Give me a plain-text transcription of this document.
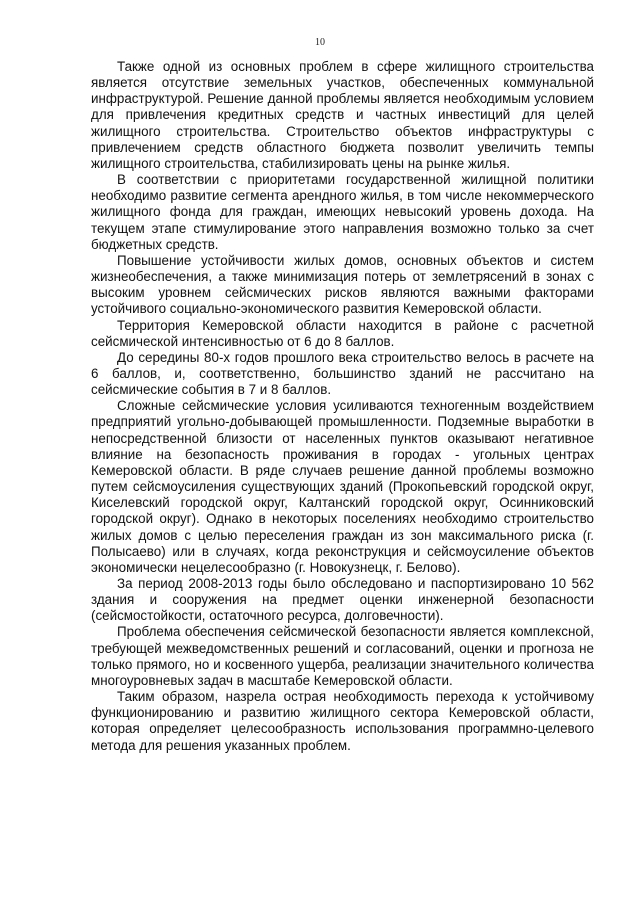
10

Также одной из основных проблем в сфере жилищного строительства является отсутствие земельных участков, обеспеченных коммунальной инфраструктурой. Решение данной проблемы является необходимым условием для привлечения кредитных средств и частных инвестиций для целей жилищного строительства. Строительство объектов инфраструктуры с привлечением средств областного бюджета позволит увеличить темпы жилищного строительства, стабилизировать цены на рынке жилья.

В соответствии с приоритетами государственной жилищной политики необходимо развитие сегмента арендного жилья, в том числе некоммерческого жилищного фонда для граждан, имеющих невысокий уровень дохода. На текущем этапе стимулирование этого направления возможно только за счет бюджетных средств.

Повышение устойчивости жилых домов, основных объектов и систем жизнеобеспечения, а также минимизация потерь от землетрясений в зонах с высоким уровнем сейсмических рисков являются важными факторами устойчивого социально-экономического развития Кемеровской области.

Территория Кемеровской области находится в районе с расчетной сейсмической интенсивностью от 6 до 8 баллов.

До середины 80-х годов прошлого века строительство велось в расчете на 6 баллов, и, соответственно, большинство зданий не рассчитано на сейсмические события в 7 и 8 баллов.

Сложные сейсмические условия усиливаются техногенным воздействием предприятий угольно-добывающей промышленности. Подземные выработки в непосредственной близости от населенных пунктов оказывают негативное влияние на безопасность проживания в городах - угольных центрах Кемеровской области. В ряде случаев решение данной проблемы возможно путем сейсмоусиления существующих зданий (Прокопьевский городской округ, Киселевский городской округ, Калтанский городской округ, Осинниковский городской округ). Однако в некоторых поселениях необходимо строительство жилых домов с целью переселения граждан из зон максимального риска (г. Полысаево) или в случаях, когда реконструкция и сейсмоусиление объектов экономически нецелесообразно (г. Новокузнецк, г. Белово).

За период 2008-2013 годы было обследовано и паспортизировано 10 562 здания и сооружения на предмет оценки инженерной безопасности (сейсмостойкости, остаточного ресурса, долговечности).

Проблема обеспечения сейсмической безопасности является комплексной, требующей межведомственных решений и согласований, оценки и прогноза не только прямого, но и косвенного ущерба, реализации значительного количества многоуровневых задач в масштабе Кемеровской области.

Таким образом, назрела острая необходимость перехода к устойчивому функционированию и развитию жилищного сектора Кемеровской области, которая определяет целесообразность использования программно-целевого метода для решения указанных проблем.
